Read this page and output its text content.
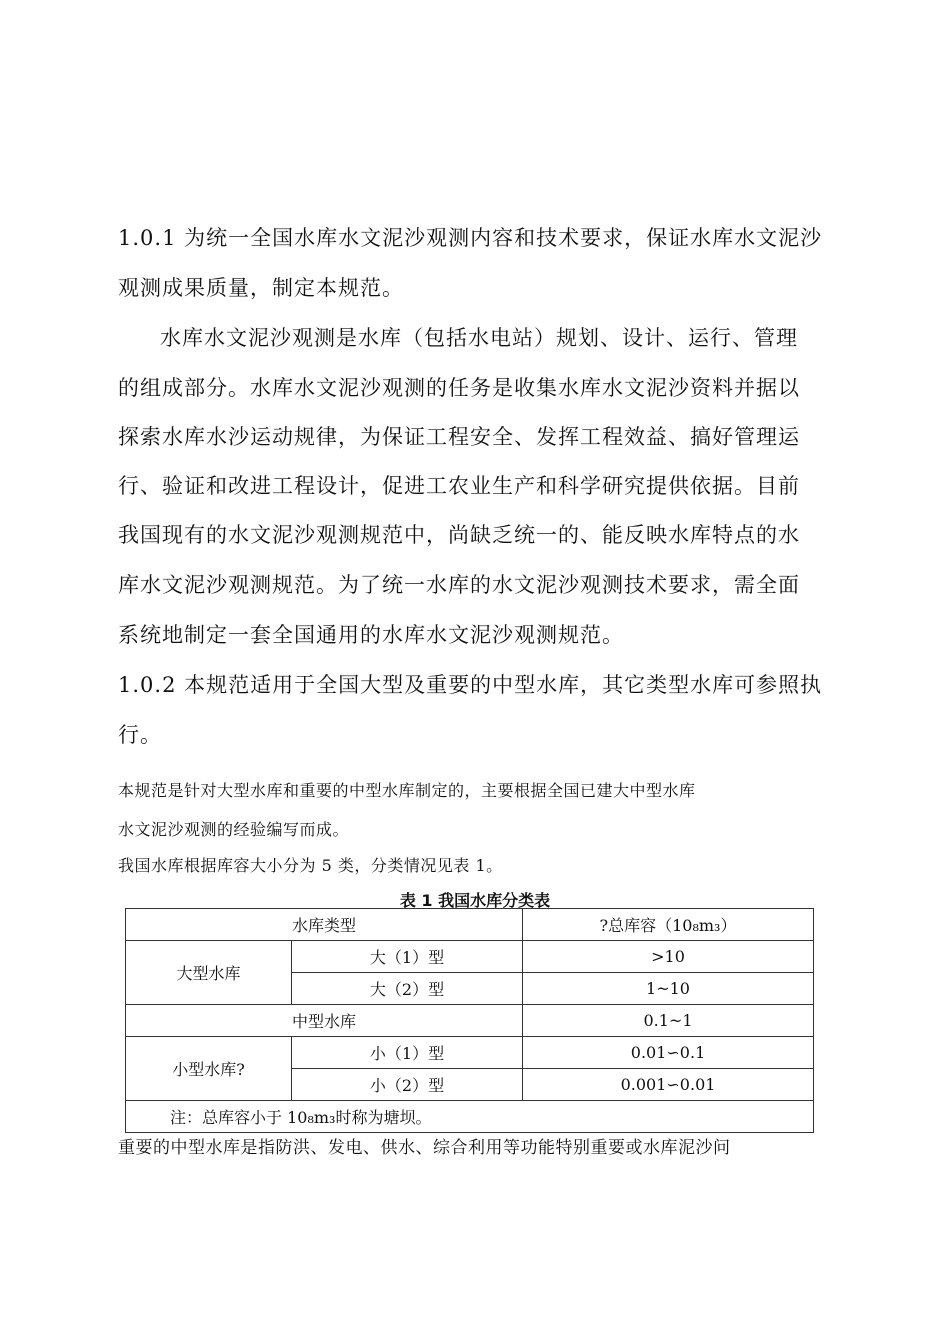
1.0.1 为统一全国水库水文泥沙观测内容和技术要求，保证水库水文泥沙
观测成果质量，制定本规范。
水库水文泥沙观测是水库（包括水电站）规划、设计、运行、管理
的组成部分。水库水文泥沙观测的任务是收集水库水文泥沙资料并据以
探索水库水沙运动规律，为保证工程安全、发挥工程效益、搞好管理运
行、验证和改进工程设计，促进工农业生产和科学研究提供依据。目前
我国现有的水文泥沙观测规范中，尚缺乏统一的、能反映水库特点的水
库水文泥沙观测规范。为了统一水库的水文泥沙观测技术要求，需全面
系统地制定一套全国通用的水库水文泥沙观测规范。
1.0.2 本规范适用于全国大型及重要的中型水库，其它类型水库可参照执
行。
本规范是针对大型水库和重要的中型水库制定的，主要根据全国已建大中型水库
水文泥沙观测的经验编写而成。
我国水库根据库容大小分为 5 类，分类情况见表 1。
表 1 我国水库分类表
水库类型		?总库容（10₈m₃）
大型水库	大（1）型	>10
	大（2）型	1~10
中型水库		0.1~1
小型水库?	小（1）型	0.01∽0.1
	小（2）型	0.001∽0.01
注：总库容小于 10₈m₃时称为塘坝。		
重要的中型水库是指防洪、发电、供水、综合利用等功能特别重要或水库泥沙问
